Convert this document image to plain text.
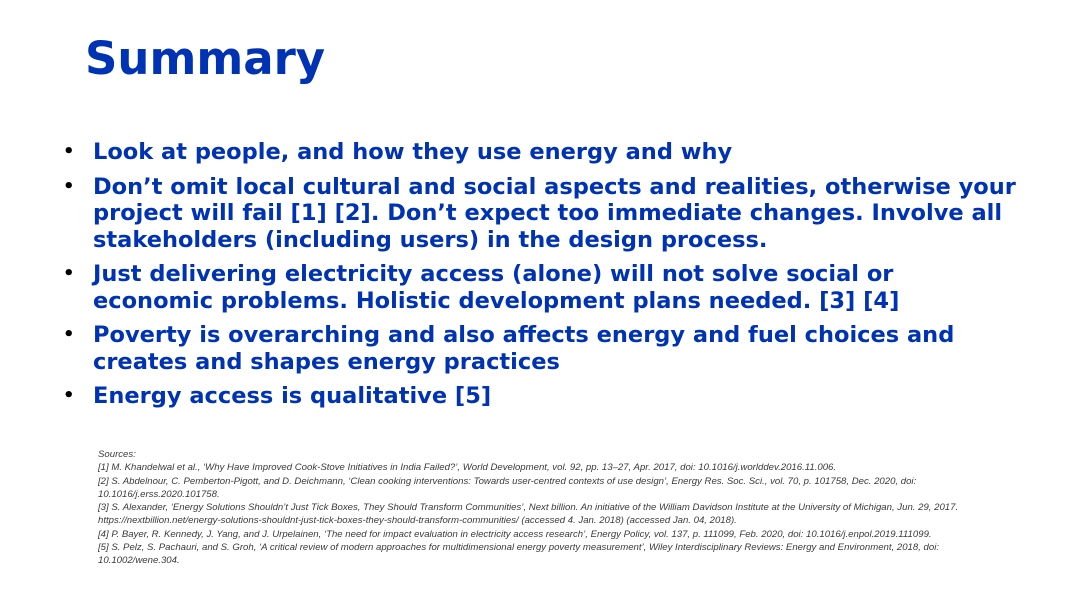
Summary
• Look at people, and how they use energy and why
• Don’t omit local cultural and social aspects and realities, otherwise your project will fail [1] [2]. Don’t expect too immediate changes. Involve all stakeholders (including users) in the design process.
• Just delivering electricity access (alone) will not solve social or economic problems. Holistic development plans needed. [3] [4]
• Poverty is overarching and also affects energy and fuel choices and creates and shapes energy practices
• Energy access is qualitative [5]

Sources:

[1] M. Khandelwal et al., ‘Why Have Improved Cook-Stove Initiatives in India Failed?’, World Development, vol. 92, pp. 13–27, Apr. 2017, doi: 10.1016/j.worlddev.2016.11.006.

[2] S. Abdelnour, C. Pemberton-Pigott, and D. Deichmann, ‘Clean cooking interventions: Towards user-centred contexts of use design’, Energy Res. Soc. Sci., vol. 70, p. 101758, Dec. 2020, doi: 10.1016/j.erss.2020.101758.

[3] S. Alexander, ‘Energy Solutions Shouldn’t Just Tick Boxes, They Should Transform Communities’, Next billion. An initiative of the William Davidson Institute at the University of Michigan, Jun. 29, 2017. https://nextbillion.net/energy-solutions-shouldnt-just-tick-boxes-they-should-transform-communities/ (accessed 4. Jan. 2018) (accessed Jan. 04, 2018).

[4] P. Bayer, R. Kennedy, J. Yang, and J. Urpelainen, ‘The need for impact evaluation in electricity access research’, Energy Policy, vol. 137, p. 111099, Feb. 2020, doi: 10.1016/j.enpol.2019.111099.

[5] S. Pelz, S. Pachauri, and S. Groh, ‘A critical review of modern approaches for multidimensional energy poverty measurement’, Wiley Interdisciplinary Reviews: Energy and Environment, 2018, doi: 10.1002/wene.304.
